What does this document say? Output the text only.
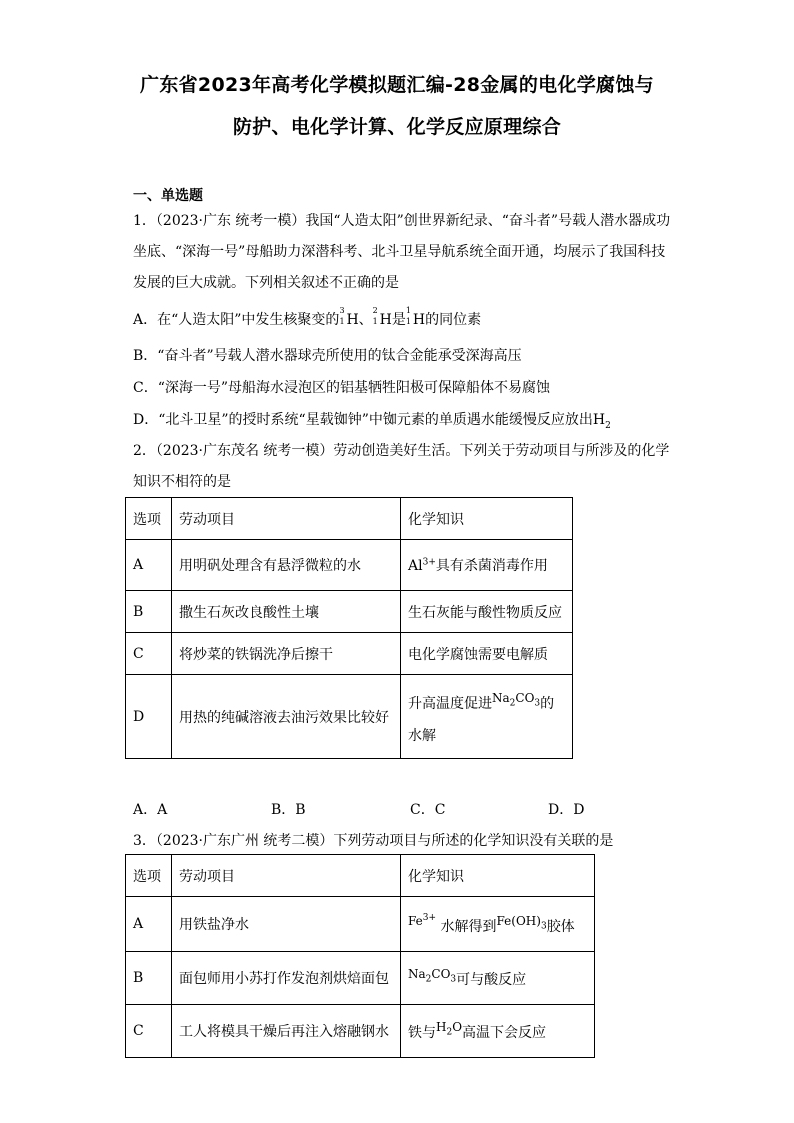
广东省2023年高考化学模拟题汇编-28金属的电化学腐蚀与
防护、电化学计算、化学反应原理综合
一、单选题
1．（2023·广东 统考一模）我国“人造太阳”创世界新纪录、“奋斗者”号载人潜水器成功
坐底、“深海一号”母船助力深潜科考、北斗卫星导航系统全面开通，均展示了我国科技
发展的巨大成就。下列相关叙述不正确的是
A．在“人造太阳”中发生核聚变的
3
1 H、
2
1 H是
1
1 H的同位素
B．“奋斗者”号载人潜水器球壳所使用的钛合金能承受深海高压
C．“深海一号”母船海水浸泡区的铝基牺牲阳极可保障船体不易腐蚀
D．“北斗卫星”的授时系统“星载铷钟”中铷元素的单质遇水能缓慢反应放出$H_2$
2．（2023·广东茂名 统考一模）劳动创造美好生活。下列关于劳动项目与所涉及的化学
知识不相符的是
选项	劳动项目	化学知识
A	用明矾处理含有悬浮微粒的水	$Al^{3+}$具有杀菌消毒作用
B	撒生石灰改良酸性土壤	生石灰能与酸性物质反应
C	将炒菜的铁锅洗净后擦干	电化学腐蚀需要电解质
D	用热的纯碱溶液去油污效果比较好	升高温度促进$Na_2CO_3$的
水解
A．A	B．B	C．C	D．D
3．（2023·广东广州 统考二模）下列劳动项目与所述的化学知识没有关联的是
选项	劳动项目	化学知识
A	用铁盐净水	$Fe^{3+}$ 水解得到$Fe(OH)_3$胶体
B	面包师用小苏打作发泡剂烘焙面包	$Na_2CO_3$可与酸反应
C	工人将模具干燥后再注入熔融钢水	铁与$H_2O$高温下会反应
